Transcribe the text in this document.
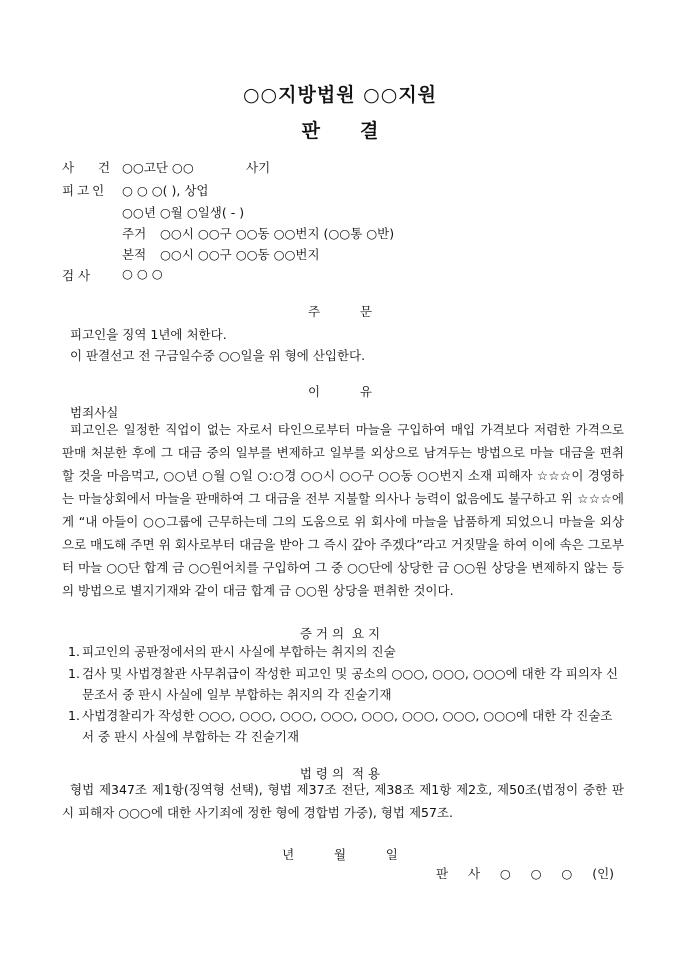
○○지방법원 ○○지원
판결
사 건 ○○고단 ○○	사기
피고인 ○ ○ ○( ), 상업
○○년 ○월 ○일생( - )
주거 ○○시 ○○구 ○○동 ○○번지 (○○통 ○반)
본적 ○○시 ○○구 ○○동 ○○번지
검 사	○ ○ ○
주          문
피고인을 징역 1년에 처한다.
이 판결선고 전 구금일수중 ○○일을 위 형에 산입한다.
이          유
범죄사실
피고인은 일정한 직업이 없는 자로서 타인으로부터 마늘을 구입하여 매입 가격보다 저렴한 가격으로 판매 처분한 후에 그 대금 중의 일부를 변제하고 일부를 외상으로 남겨두는 방법으로 마늘 대금을 편취할 것을 마음먹고, ○○년 ○월 ○일 ○:○경 ○○시 ○○구 ○○동 ○○번지 소재 피해자 ☆☆☆이 경영하는 마늘상회에서 마늘을 판매하여 그 대금을 전부 지불할 의사나 능력이 없음에도 불구하고 위 ☆☆☆에게 “내 아들이 ○○그룹에 근무하는데 그의 도움으로 위 회사에 마늘을 납품하게 되었으니 마늘을 외상으로 매도해 주면 위 회사로부터 대금을 받아 그 즉시 갚아 주겠다”라고 거짓말을 하여 이에 속은 그로부터 마늘 ○○단 합계 금 ○○원어치를 구입하여 그 중 ○○단에 상당한 금 ○○원 상당을 변제하지 않는 등의 방법으로 별지기재와 같이 대금 합계 금 ○○원 상당을 편취한 것이다.
증 거 의  요 지
1. 피고인의 공판정에서의 판시 사실에 부합하는 취지의 진술
1. 검사 및 사법경찰관 사무취급이 작성한 피고인 및 공소의 ○○○, ○○○, ○○○에 대한 각 피의자 신문조서 중 판시 사실에 일부 부합하는 취지의 각 진술기재
1. 사법경찰리가 작성한 ○○○, ○○○, ○○○, ○○○, ○○○, ○○○, ○○○, ○○○에 대한 각 진술조서 중 판시 사실에 부합하는 각 진술기재
법 령 의  적 용
형법 제347조 제1항(징역형 선택), 형법 제37조 전단, 제38조 제1항 제2호, 제50조(법정이 중한 판시 피해자 ○○○에 대한 사기죄에 정한 형에 경합범 가중), 형법 제57조.
년          월          일
판     사     ○     ○     ○     (인)
